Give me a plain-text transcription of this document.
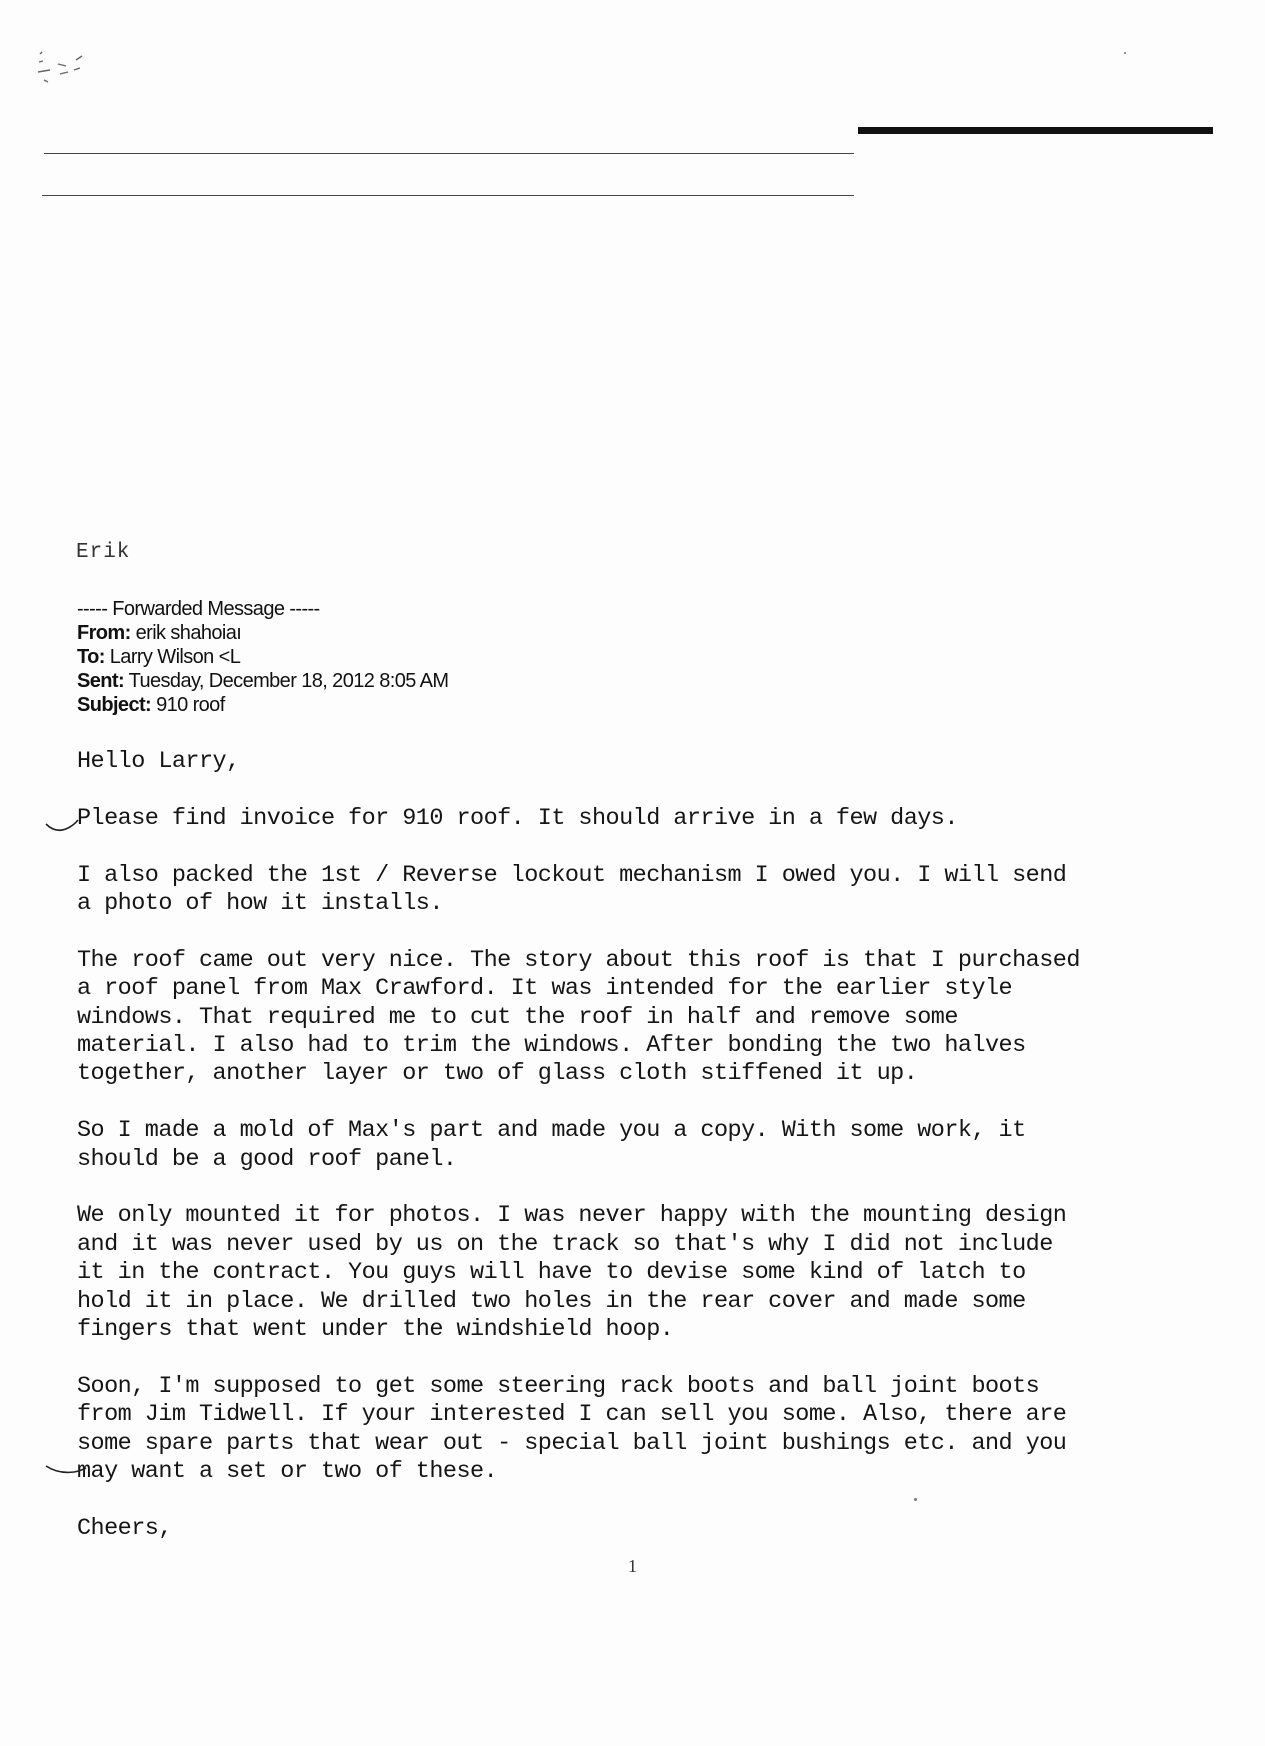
Erik
----- Forwarded Message -----
From: erik shahoiaı
To: Larry Wilson <L
Sent: Tuesday, December 18, 2012 8:05 AM
Subject: 910 roof

Hello Larry,

Please find invoice for 910 roof. It should arrive in a few days.

I also packed the 1st / Reverse lockout mechanism I owed you. I will send
a photo of how it installs.

The roof came out very nice. The story about this roof is that I purchased
a roof panel from Max Crawford. It was intended for the earlier style
windows. That required me to cut the roof in half and remove some
material. I also had to trim the windows. After bonding the two halves
together, another layer or two of glass cloth stiffened it up.

So I made a mold of Max's part and made you a copy. With some work, it
should be a good roof panel.

We only mounted it for photos. I was never happy with the mounting design
and it was never used by us on the track so that's why I did not include
it in the contract. You guys will have to devise some kind of latch to
hold it in place. We drilled two holes in the rear cover and made some
fingers that went under the windshield hoop.

Soon, I'm supposed to get some steering rack boots and ball joint boots
from Jim Tidwell. If your interested I can sell you some. Also, there are
some spare parts that wear out - special ball joint bushings etc. and you
may want a set or two of these.

Cheers,

1
